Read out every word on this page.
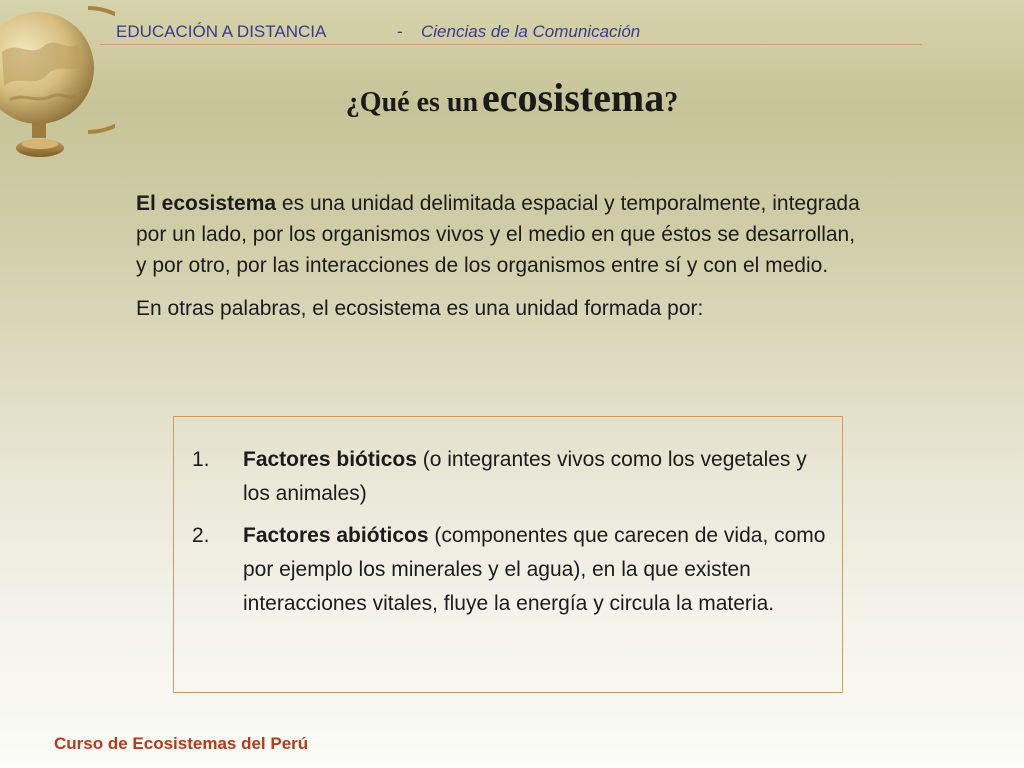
EDUCACIÓN A DISTANCIA	- Ciencias de la Comunicación
¿Qué es un ecosistema?

El ecosistema es una unidad delimitada espacial y temporalmente, integrada por un lado, por los organismos vivos y el medio en que éstos se desarrollan, y por otro, por las interacciones de los organismos entre sí y con el medio.

En otras palabras, el ecosistema es una unidad formada por:

1. Factores bióticos (o integrantes vivos como los vegetales y los animales)
2. Factores abióticos (componentes que carecen de vida, como por ejemplo los minerales y el agua), en la que existen interacciones vitales, fluye la energía y circula la materia.
Curso de Ecosistemas del Perú
